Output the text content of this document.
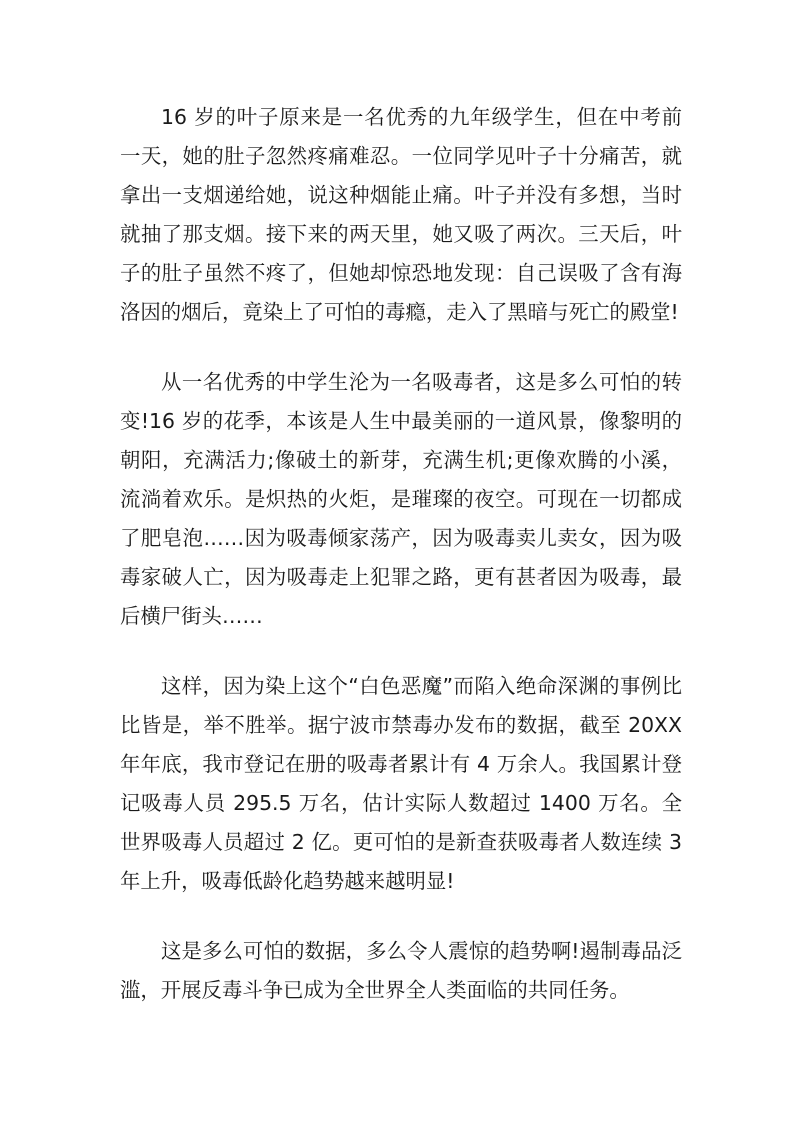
16 岁的叶子原来是一名优秀的九年级学生，但在中考前一天，她的肚子忽然疼痛难忍。一位同学见叶子十分痛苦，就拿出一支烟递给她，说这种烟能止痛。叶子并没有多想，当时就抽了那支烟。接下来的两天里，她又吸了两次。三天后，叶子的肚子虽然不疼了，但她却惊恐地发现：自己误吸了含有海洛因的烟后，竟染上了可怕的毒瘾，走入了黑暗与死亡的殿堂!

从一名优秀的中学生沦为一名吸毒者，这是多么可怕的转变!16 岁的花季，本该是人生中最美丽的一道风景，像黎明的朝阳，充满活力;像破土的新芽，充满生机;更像欢腾的小溪，流淌着欢乐。是炽热的火炬，是璀璨的夜空。可现在一切都成了肥皂泡……因为吸毒倾家荡产，因为吸毒卖儿卖女，因为吸毒家破人亡，因为吸毒走上犯罪之路，更有甚者因为吸毒，最后横尸街头……

这样，因为染上这个“白色恶魔”而陷入绝命深渊的事例比比皆是，举不胜举。据宁波市禁毒办发布的数据，截至 20XX 年年底，我市登记在册的吸毒者累计有 4 万余人。我国累计登记吸毒人员 295.5 万名，估计实际人数超过 1400 万名。全世界吸毒人员超过 2 亿。更可怕的是新查获吸毒者人数连续 3 年上升，吸毒低龄化趋势越来越明显!

这是多么可怕的数据，多么令人震惊的趋势啊!遏制毒品泛滥，开展反毒斗争已成为全世界全人类面临的共同任务。
